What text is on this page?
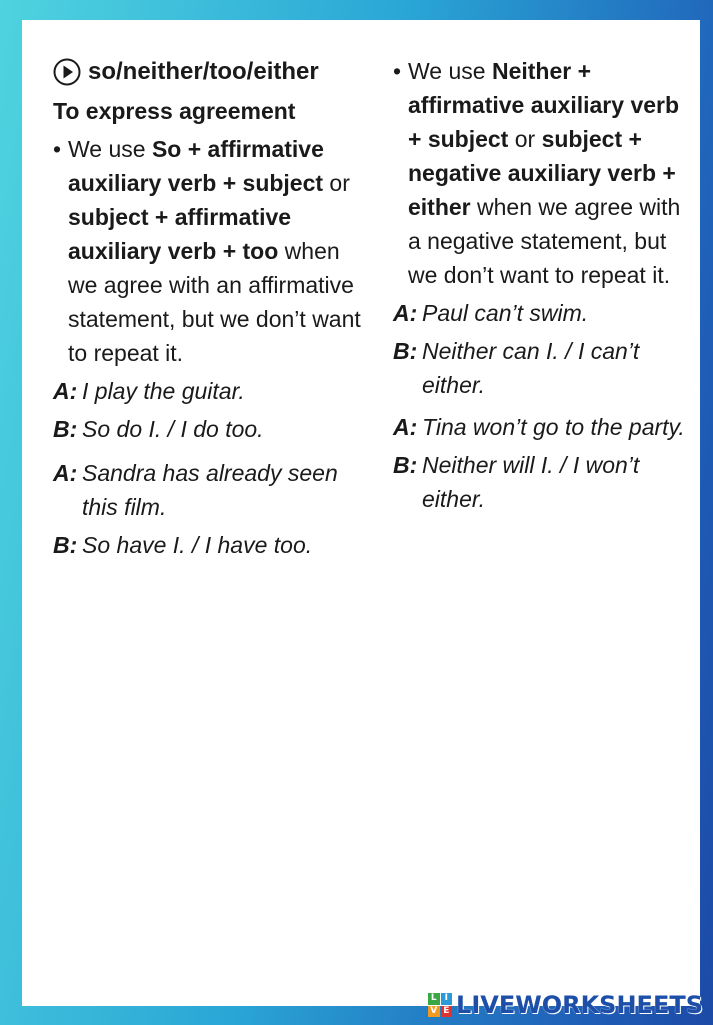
so/neither/too/either
To express agreement
• We use So + affirmative auxiliary verb + subject or subject + affirmative auxiliary verb + too when we agree with an affirmative statement, but we don’t want to repeat it.
A: I play the guitar.
B: So do I. / I do too.
A: Sandra has already seen this film.
B: So have I. / I have too.
• We use Neither + affirmative auxiliary verb + subject or subject + negative auxiliary verb + either when we agree with a negative statement, but we don’t want to repeat it.
A: Paul can’t swim.
B: Neither can I. / I can’t either.
A: Tina won’t go to the party.
B: Neither will I. / I won’t either.
L I
V E LIVEWORKSHEETS
